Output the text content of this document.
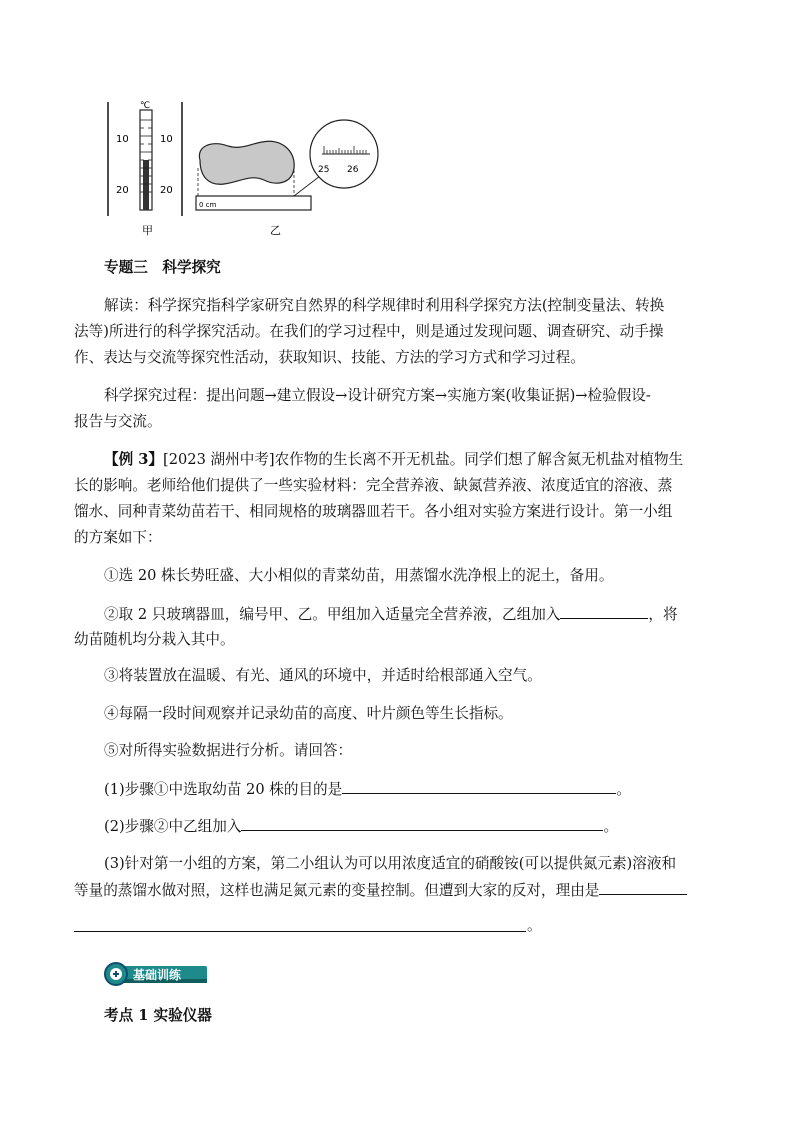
℃
10	10
20	20
0 cm
25 26
甲	乙
专题三　科学探究
解读：科学探究指科学家研究自然界的科学规律时利用科学探究方法(控制变量法、转换
法等)所进行的科学探究活动。在我们的学习过程中，则是通过发现问题、调查研究、动手操
作、表达与交流等探究性活动，获取知识、技能、方法的学习方式和学习过程。
科学探究过程：提出问题→建立假设→设计研究方案→实施方案(收集证据)→检验假设-
报告与交流。
【例 3】[2023 湖州中考]农作物的生长离不开无机盐。同学们想了解含氮无机盐对植物生
长的影响。老师给他们提供了一些实验材料：完全营养液、缺氮营养液、浓度适宜的溶液、蒸
馏水、同种青菜幼苗若干、相同规格的玻璃器皿若干。各小组对实验方案进行设计。第一小组
的方案如下：
①选 20 株长势旺盛、大小相似的青菜幼苗，用蒸馏水洗净根上的泥土，备用。
②取 2 只玻璃器皿，编号甲、乙。甲组加入适量完全营养液，乙组加入	，将
幼苗随机均分栽入其中。
③将装置放在温暖、有光、通风的环境中，并适时给根部通入空气。
④每隔一段时间观察并记录幼苗的高度、叶片颜色等生长指标。
⑤对所得实验数据进行分析。请回答：
(1)步骤①中选取幼苗 20 株的目的是	。
(2)步骤②中乙组加入	。
(3)针对第一小组的方案，第二小组认为可以用浓度适宜的硝酸铵(可以提供氮元素)溶液和
等量的蒸馏水做对照，这样也满足氮元素的变量控制。但遭到大家的反对，理由是
。
基础训练
考点 1 实验仪器
